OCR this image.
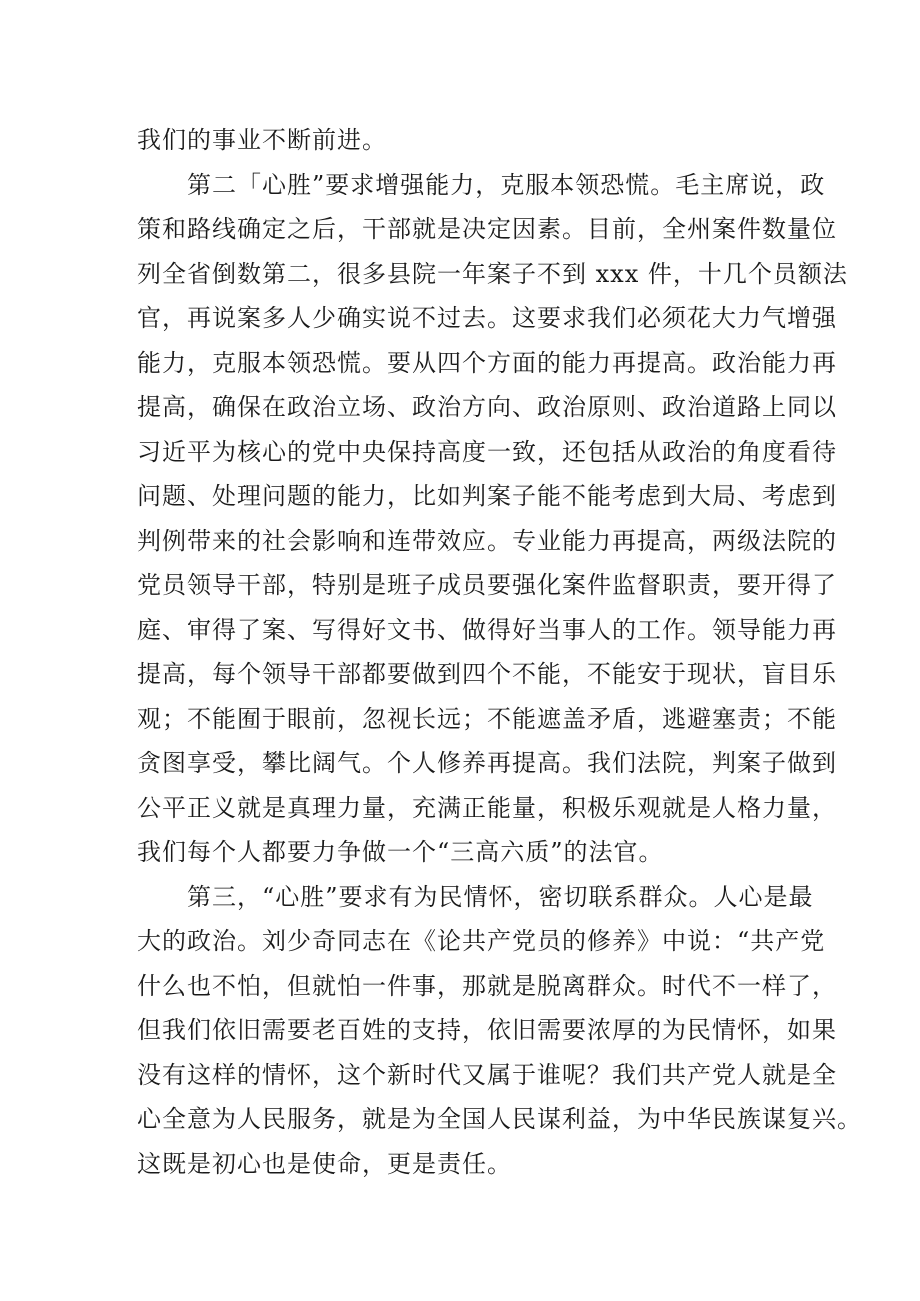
我们的事业不断前进。
第二「心胜”要求增强能力，克服本领恐慌。毛主席说，政
策和路线确定之后，干部就是决定因素。目前，全州案件数量位
列全省倒数第二，很多县院一年案子不到 xxx 件，十几个员额法
官，再说案多人少确实说不过去。这要求我们必须花大力气增强
能力，克服本领恐慌。要从四个方面的能力再提高。政治能力再
提高，确保在政治立场、政治方向、政治原则、政治道路上同以
习近平为核心的党中央保持高度一致，还包括从政治的角度看待
问题、处理问题的能力，比如判案子能不能考虑到大局、考虑到
判例带来的社会影响和连带效应。专业能力再提高，两级法院的
党员领导干部，特别是班子成员要强化案件监督职责，要开得了
庭、审得了案、写得好文书、做得好当事人的工作。领导能力再
提高，每个领导干部都要做到四个不能，不能安于现状，盲目乐
观；不能囿于眼前，忽视长远；不能遮盖矛盾，逃避塞责；不能
贪图享受，攀比阔气。个人修养再提高。我们法院，判案子做到
公平正义就是真理力量，充满正能量，积极乐观就是人格力量，
我们每个人都要力争做一个“三高六质”的法官。
第三，“心胜”要求有为民情怀，密切联系群众。人心是最
大的政治。刘少奇同志在《论共产党员的修养》中说：“共产党
什么也不怕，但就怕一件事，那就是脱离群众。时代不一样了，
但我们依旧需要老百姓的支持，依旧需要浓厚的为民情怀，如果
没有这样的情怀，这个新时代又属于谁呢？我们共产党人就是全
心全意为人民服务，就是为全国人民谋利益，为中华民族谋复兴。
这既是初心也是使命，更是责任。
